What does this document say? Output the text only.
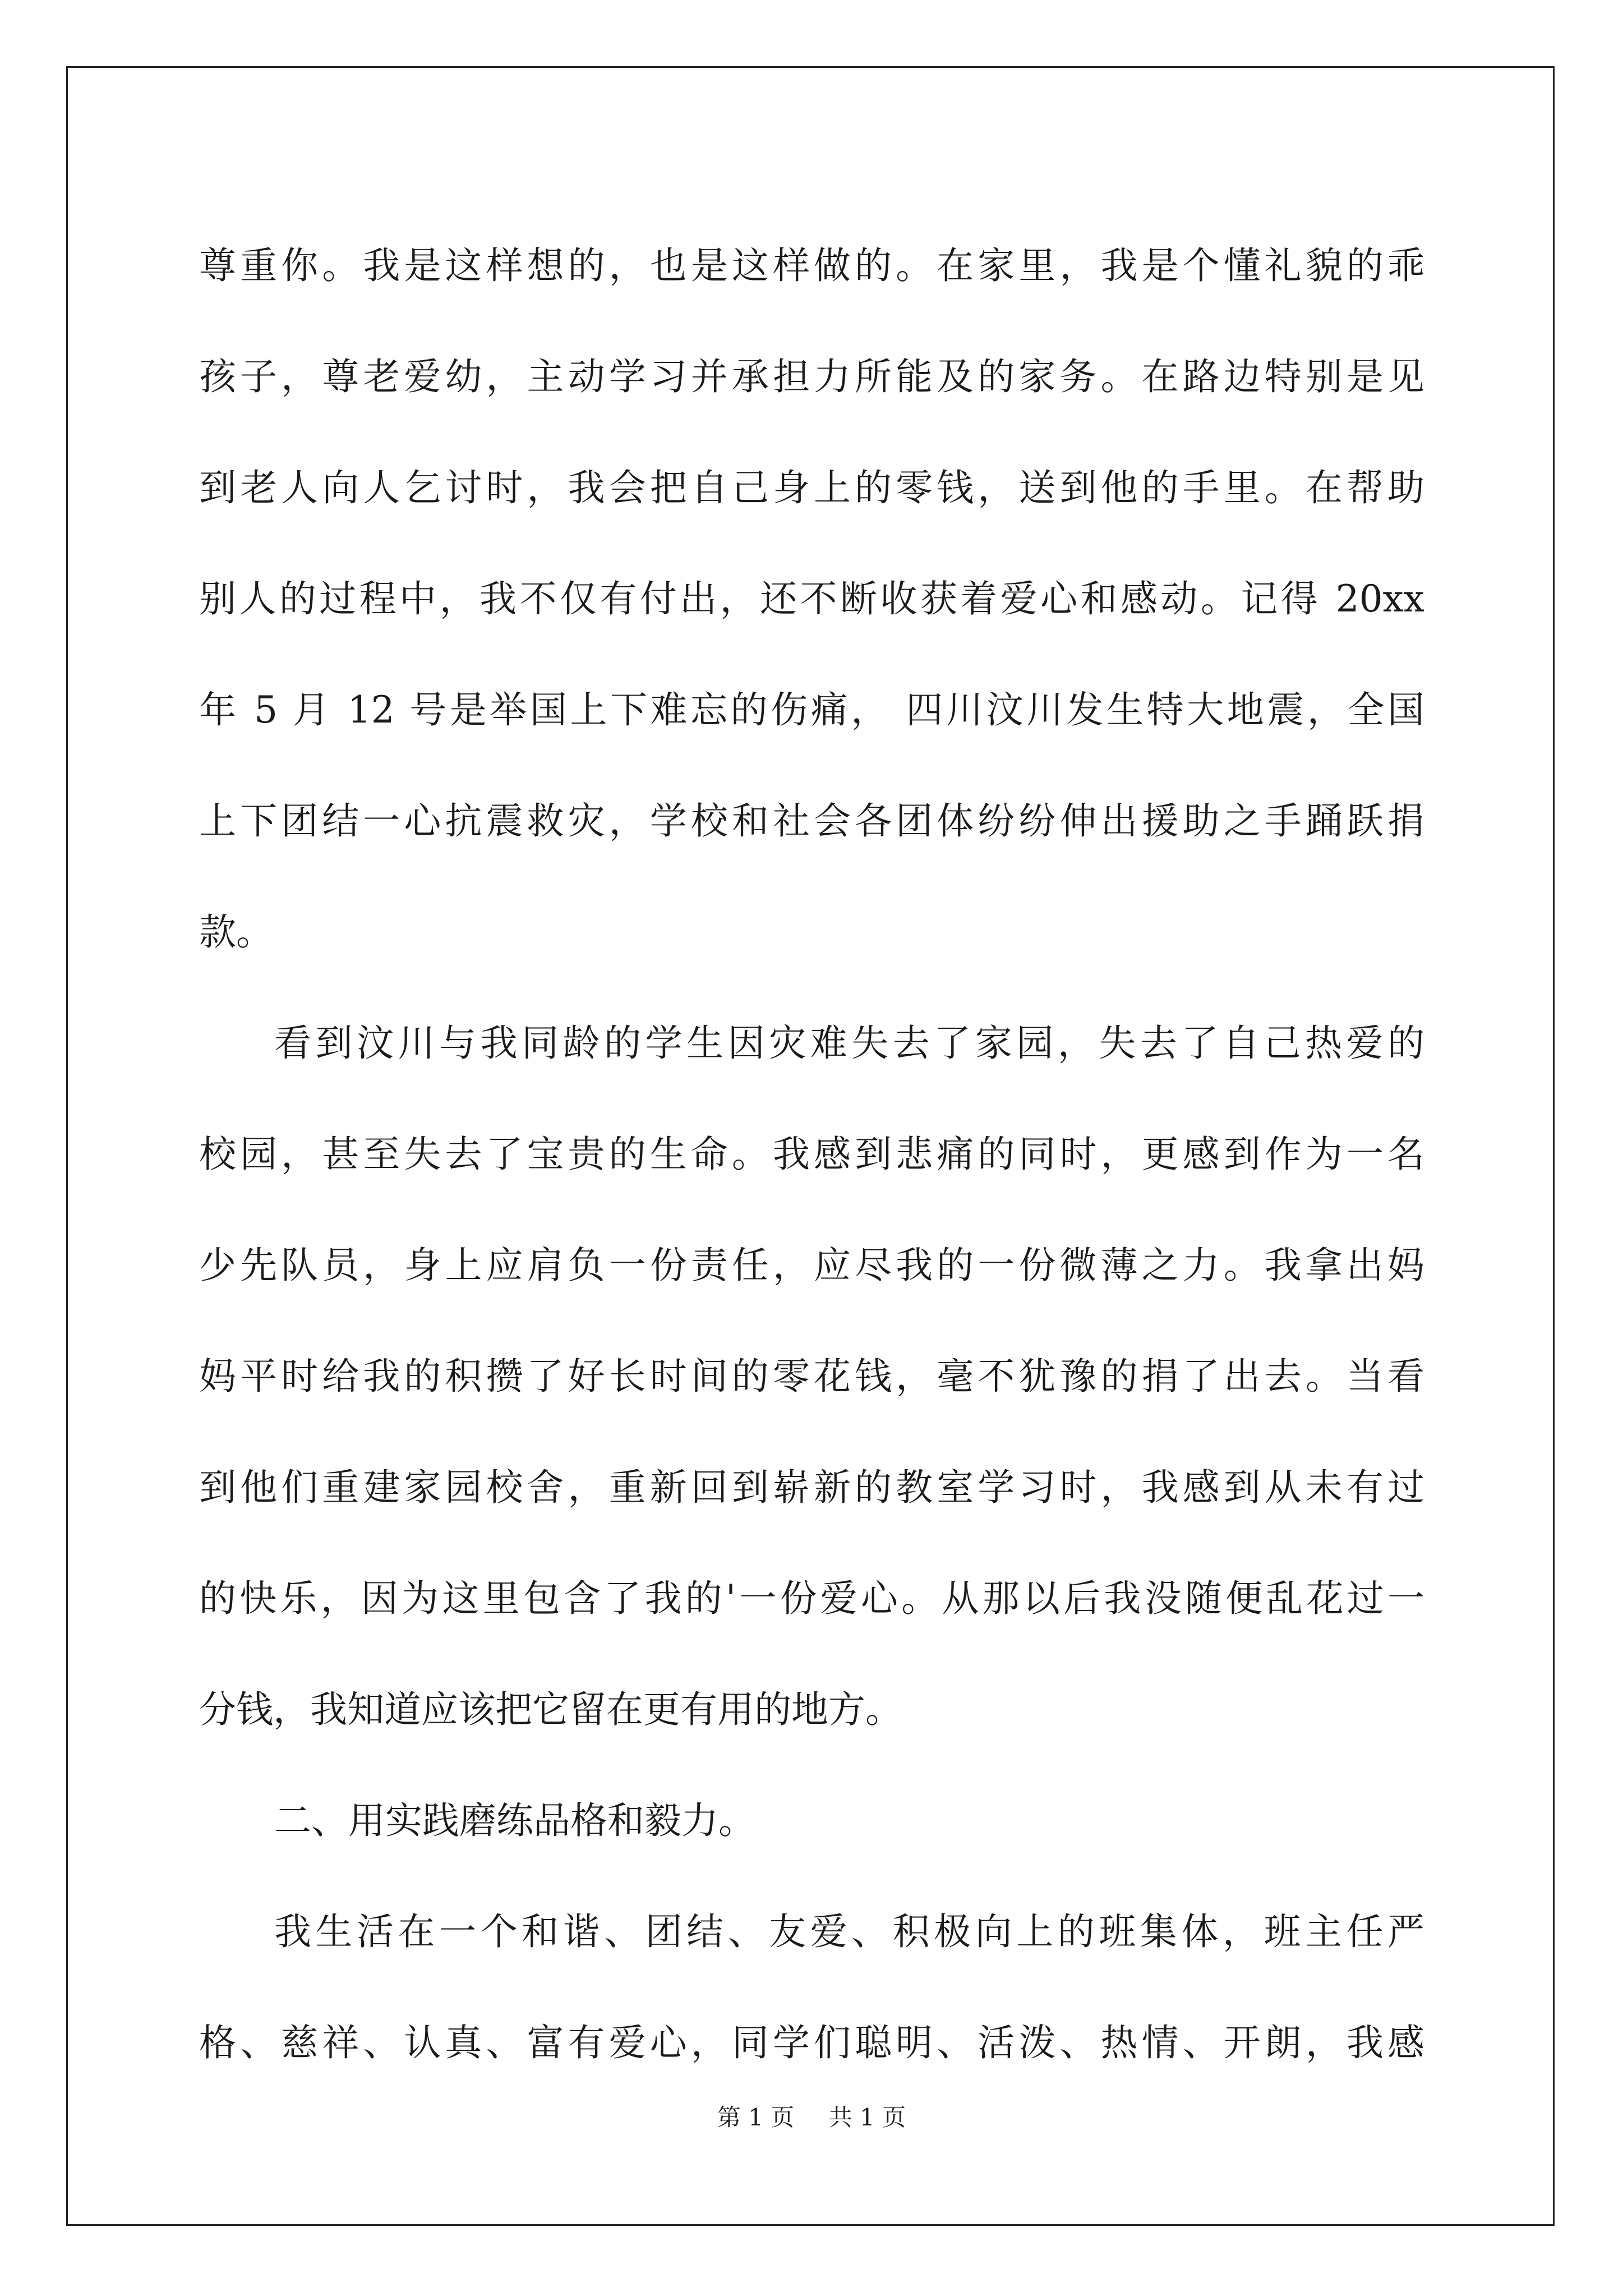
尊重你。我是这样想的，也是这样做的。在家里，我是个懂礼貌的乖
孩子，尊老爱幼，主动学习并承担力所能及的家务。在路边特别是见
到老人向人乞讨时，我会把自己身上的零钱，送到他的手里。在帮助
别人的过程中，我不仅有付出，还不断收获着爱心和感动。记得 20xx
年 5 月 12 号是举国上下难忘的伤痛， 四川汶川发生特大地震，全国
上下团结一心抗震救灾，学校和社会各团体纷纷伸出援助之手踊跃捐
款。
看到汶川与我同龄的学生因灾难失去了家园，失去了自己热爱的
校园，甚至失去了宝贵的生命。我感到悲痛的同时，更感到作为一名
少先队员，身上应肩负一份责任，应尽我的一份微薄之力。我拿出妈
妈平时给我的积攒了好长时间的零花钱，毫不犹豫的捐了出去。当看
到他们重建家园校舍，重新回到崭新的教室学习时，我感到从未有过
的快乐，因为这里包含了我的'一份爱心。从那以后我没随便乱花过一
分钱，我知道应该把它留在更有用的地方。
二、用实践磨练品格和毅力。
我生活在一个和谐、团结、友爱、积极向上的班集体，班主任严
格、慈祥、认真、富有爱心，同学们聪明、活泼、热情、开朗，我感
第 1 页 共 1 页
